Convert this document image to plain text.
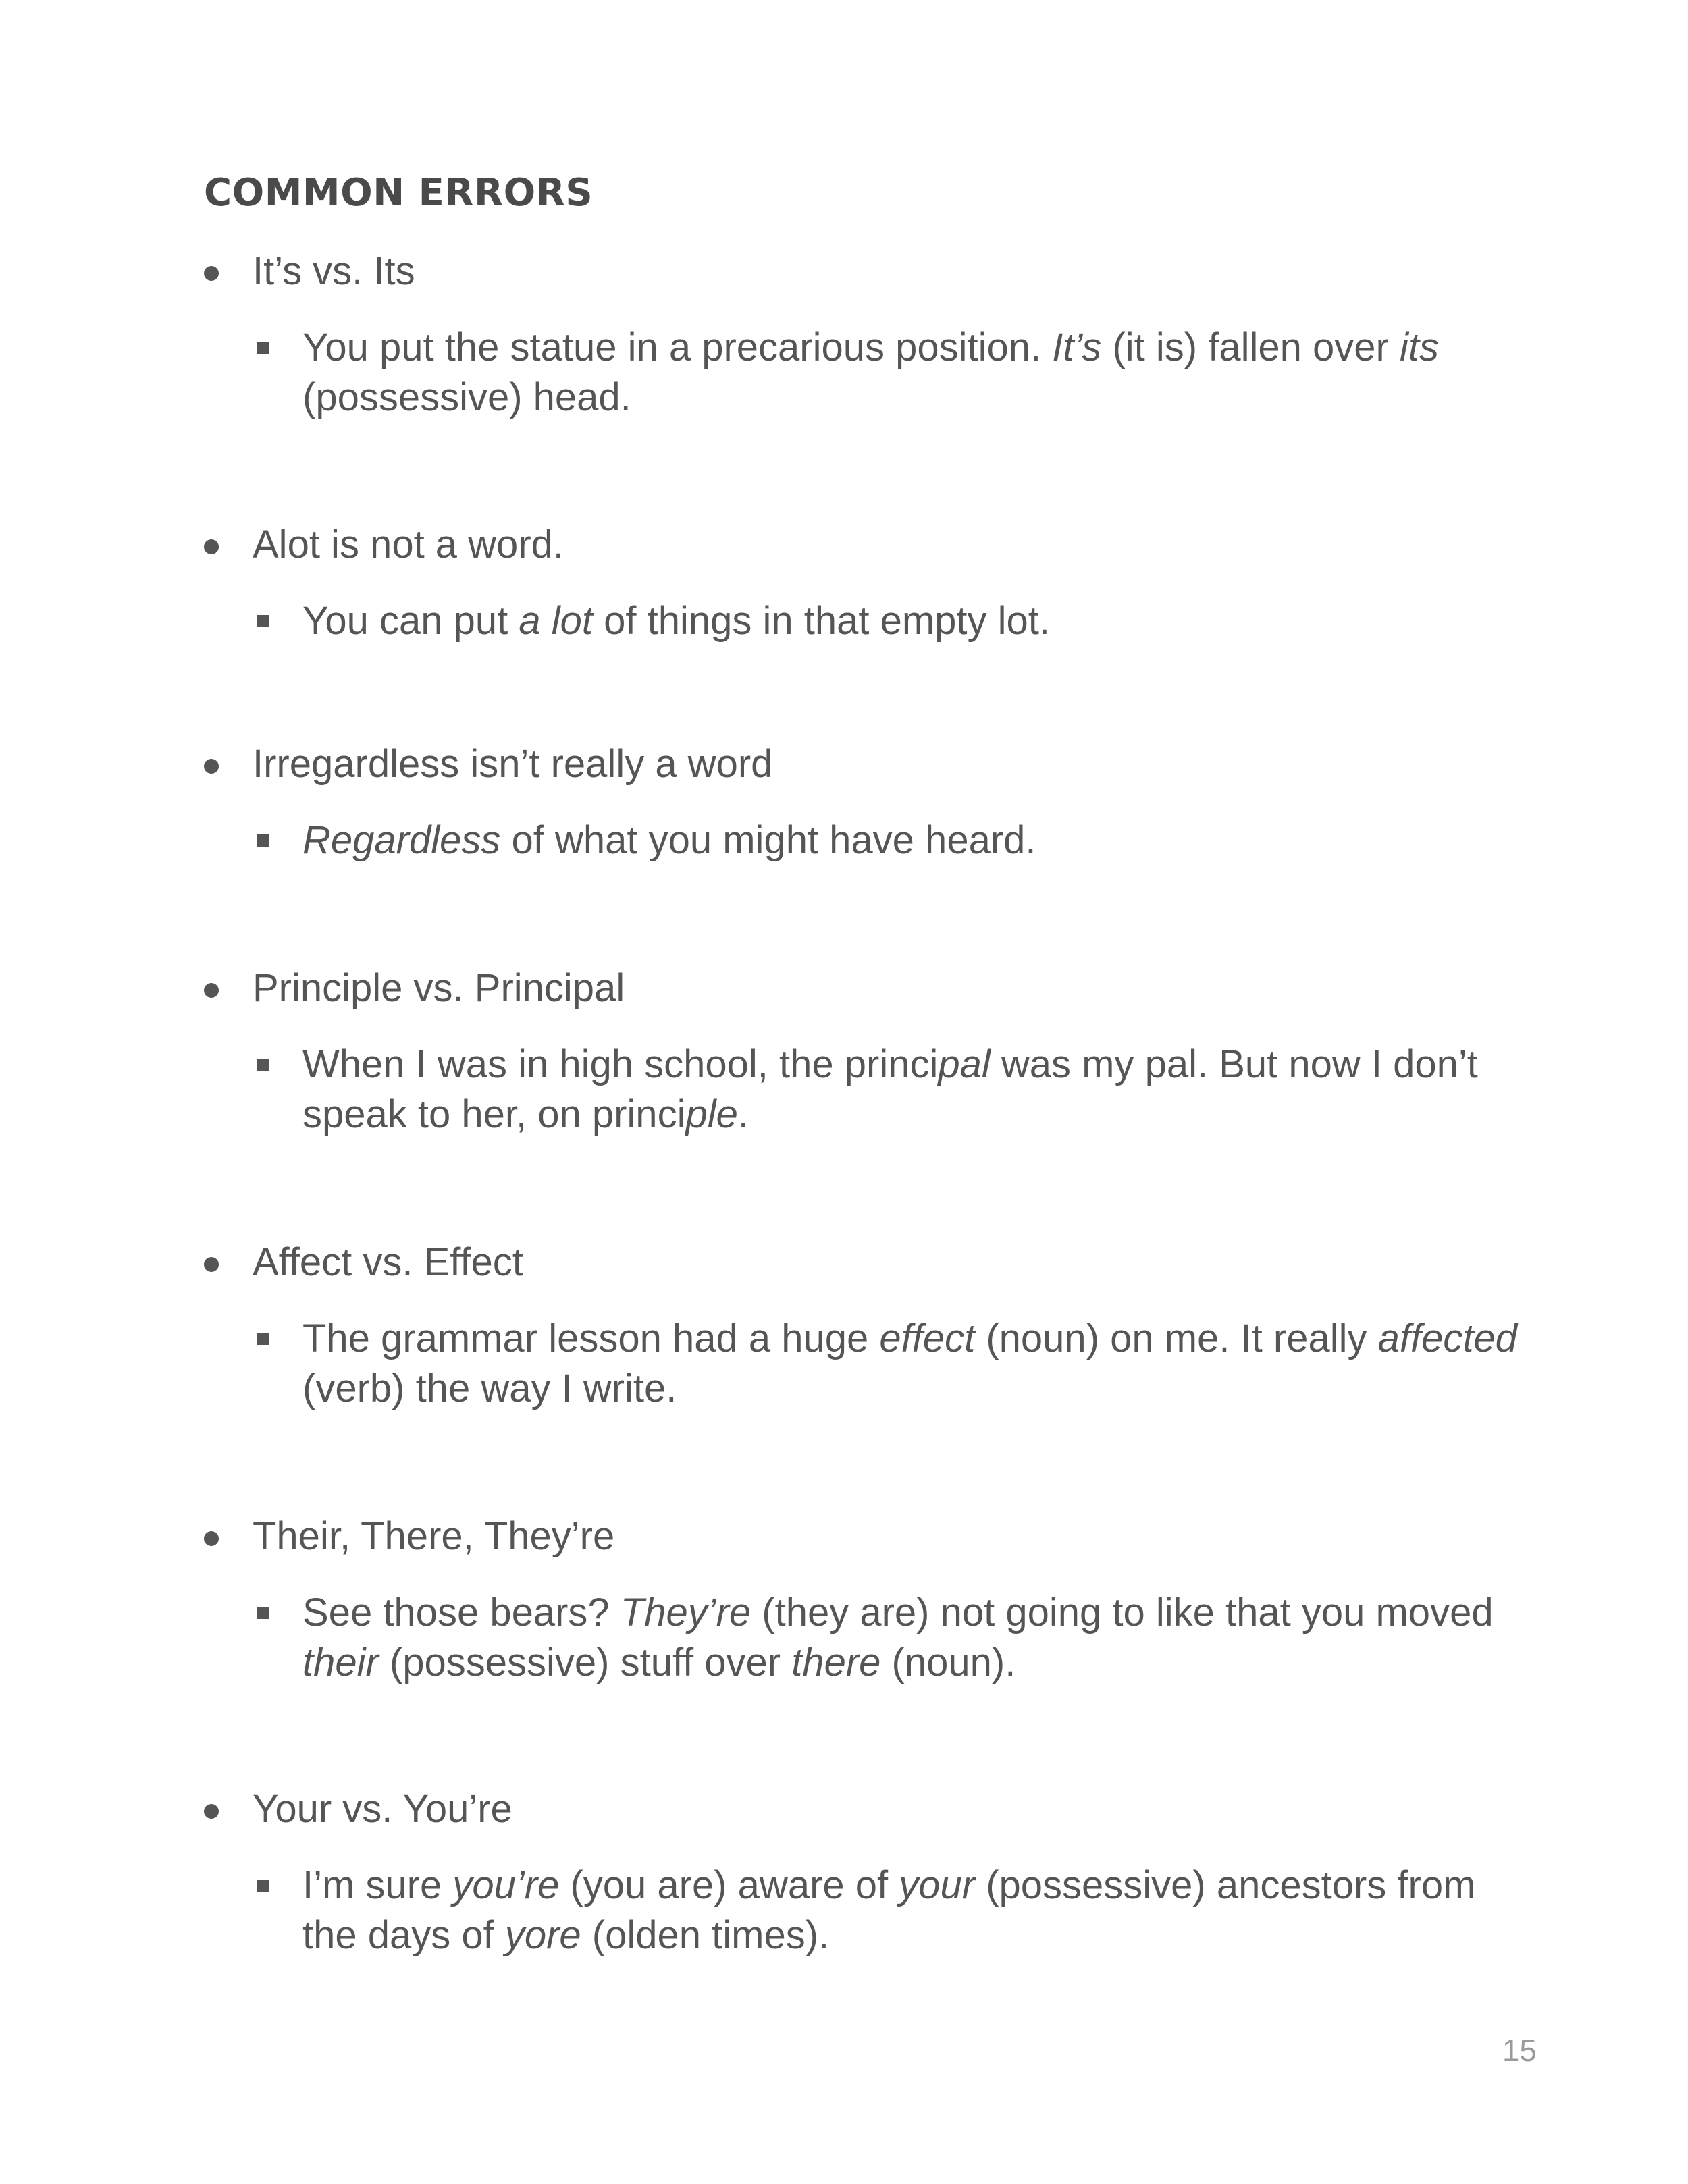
COMMON ERRORS
It’s vs. Its
You put the statue in a precarious position. It’s (it is) fallen over its (possessive) head.
Alot is not a word.
You can put a lot of things in that empty lot.
Irregardless isn’t really a word
Regardless of what you might have heard.
Principle vs. Principal
When I was in high school, the principal was my pal. But now I don’t speak to her, on principle.
Affect vs. Effect
The grammar lesson had a huge effect (noun) on me. It really affected (verb) the way I write.
Their, There, They’re
See those bears? They’re (they are) not going to like that you moved their (possessive) stuff over there (noun).
Your vs. You’re
I’m sure you’re (you are) aware of your (possessive) ancestors from the days of yore (olden times).
15
